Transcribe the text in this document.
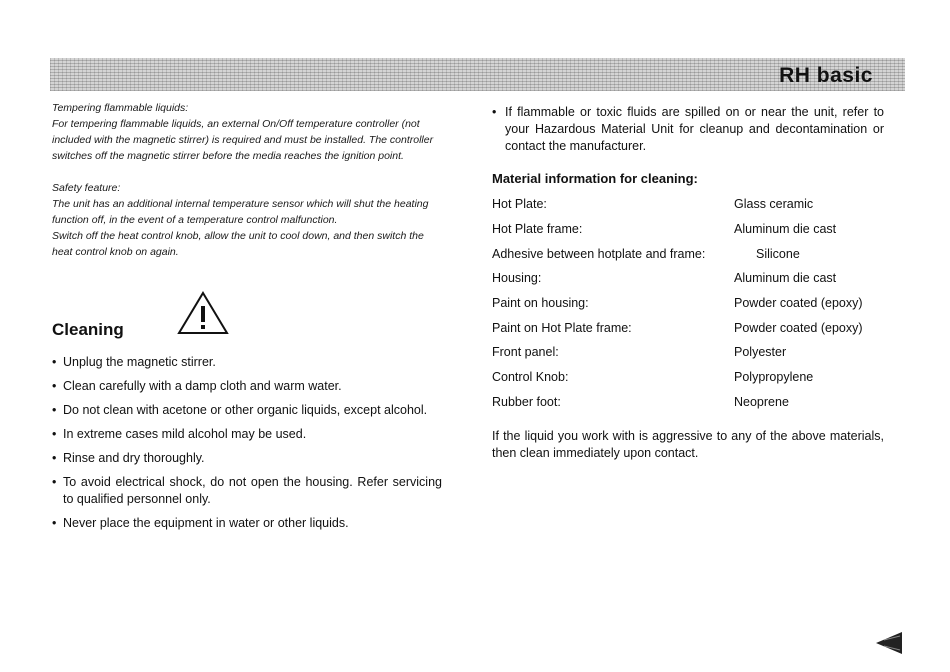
RH basic

Tempering flammable liquids:

For tempering flammable liquids, an external On/Off temperature controller (not included with the magnetic stirrer) is required and must be installed. The controller switches off the magnetic stirrer before the media reaches the ignition point.

Safety feature:

The unit has an additional internal temperature sensor which will shut the heating function off, in the event of a temperature control malfunction.

Switch off the heat control knob, allow the unit to cool down, and then switch the heat control knob on again.

Cleaning
• Unplug the magnetic stirrer.
• Clean carefully with a damp cloth and warm water.
• Do not clean with acetone or other organic liquids, except alcohol.
• In extreme cases mild alcohol may be used.
• Rinse and dry thoroughly.
• To avoid electrical shock, do not open the housing. Refer servicing to qualified personnel only.
• Never place the equipment in water or other liquids.
• If flammable or toxic fluids are spilled on or near the unit, refer to your Hazardous Material Unit for cleanup and decontamination or contact the manufacturer.
Material information for cleaning:
Hot Plate:	Glass ceramic
Hot Plate frame:	Aluminum die cast
Adhesive between hotplate and frame:	Silicone
Housing:	Aluminum die cast
Paint on housing:	Powder coated (epoxy)
Paint on Hot Plate frame:	Powder coated (epoxy)
Front panel:	Polyester
Control Knob:	Polypropylene
Rubber foot:	Neoprene
If the liquid you work with is aggressive to any of the above materials, then clean immediately upon contact.
